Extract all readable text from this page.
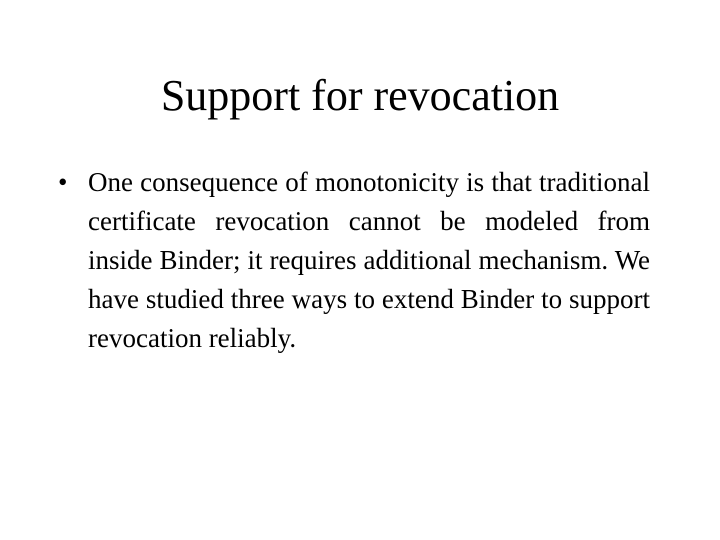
Support for revocation
• One consequence of monotonicity is that traditional certificate revocation cannot be modeled from inside Binder; it requires additional mechanism. We have studied three ways to extend Binder to support revocation reliably.
